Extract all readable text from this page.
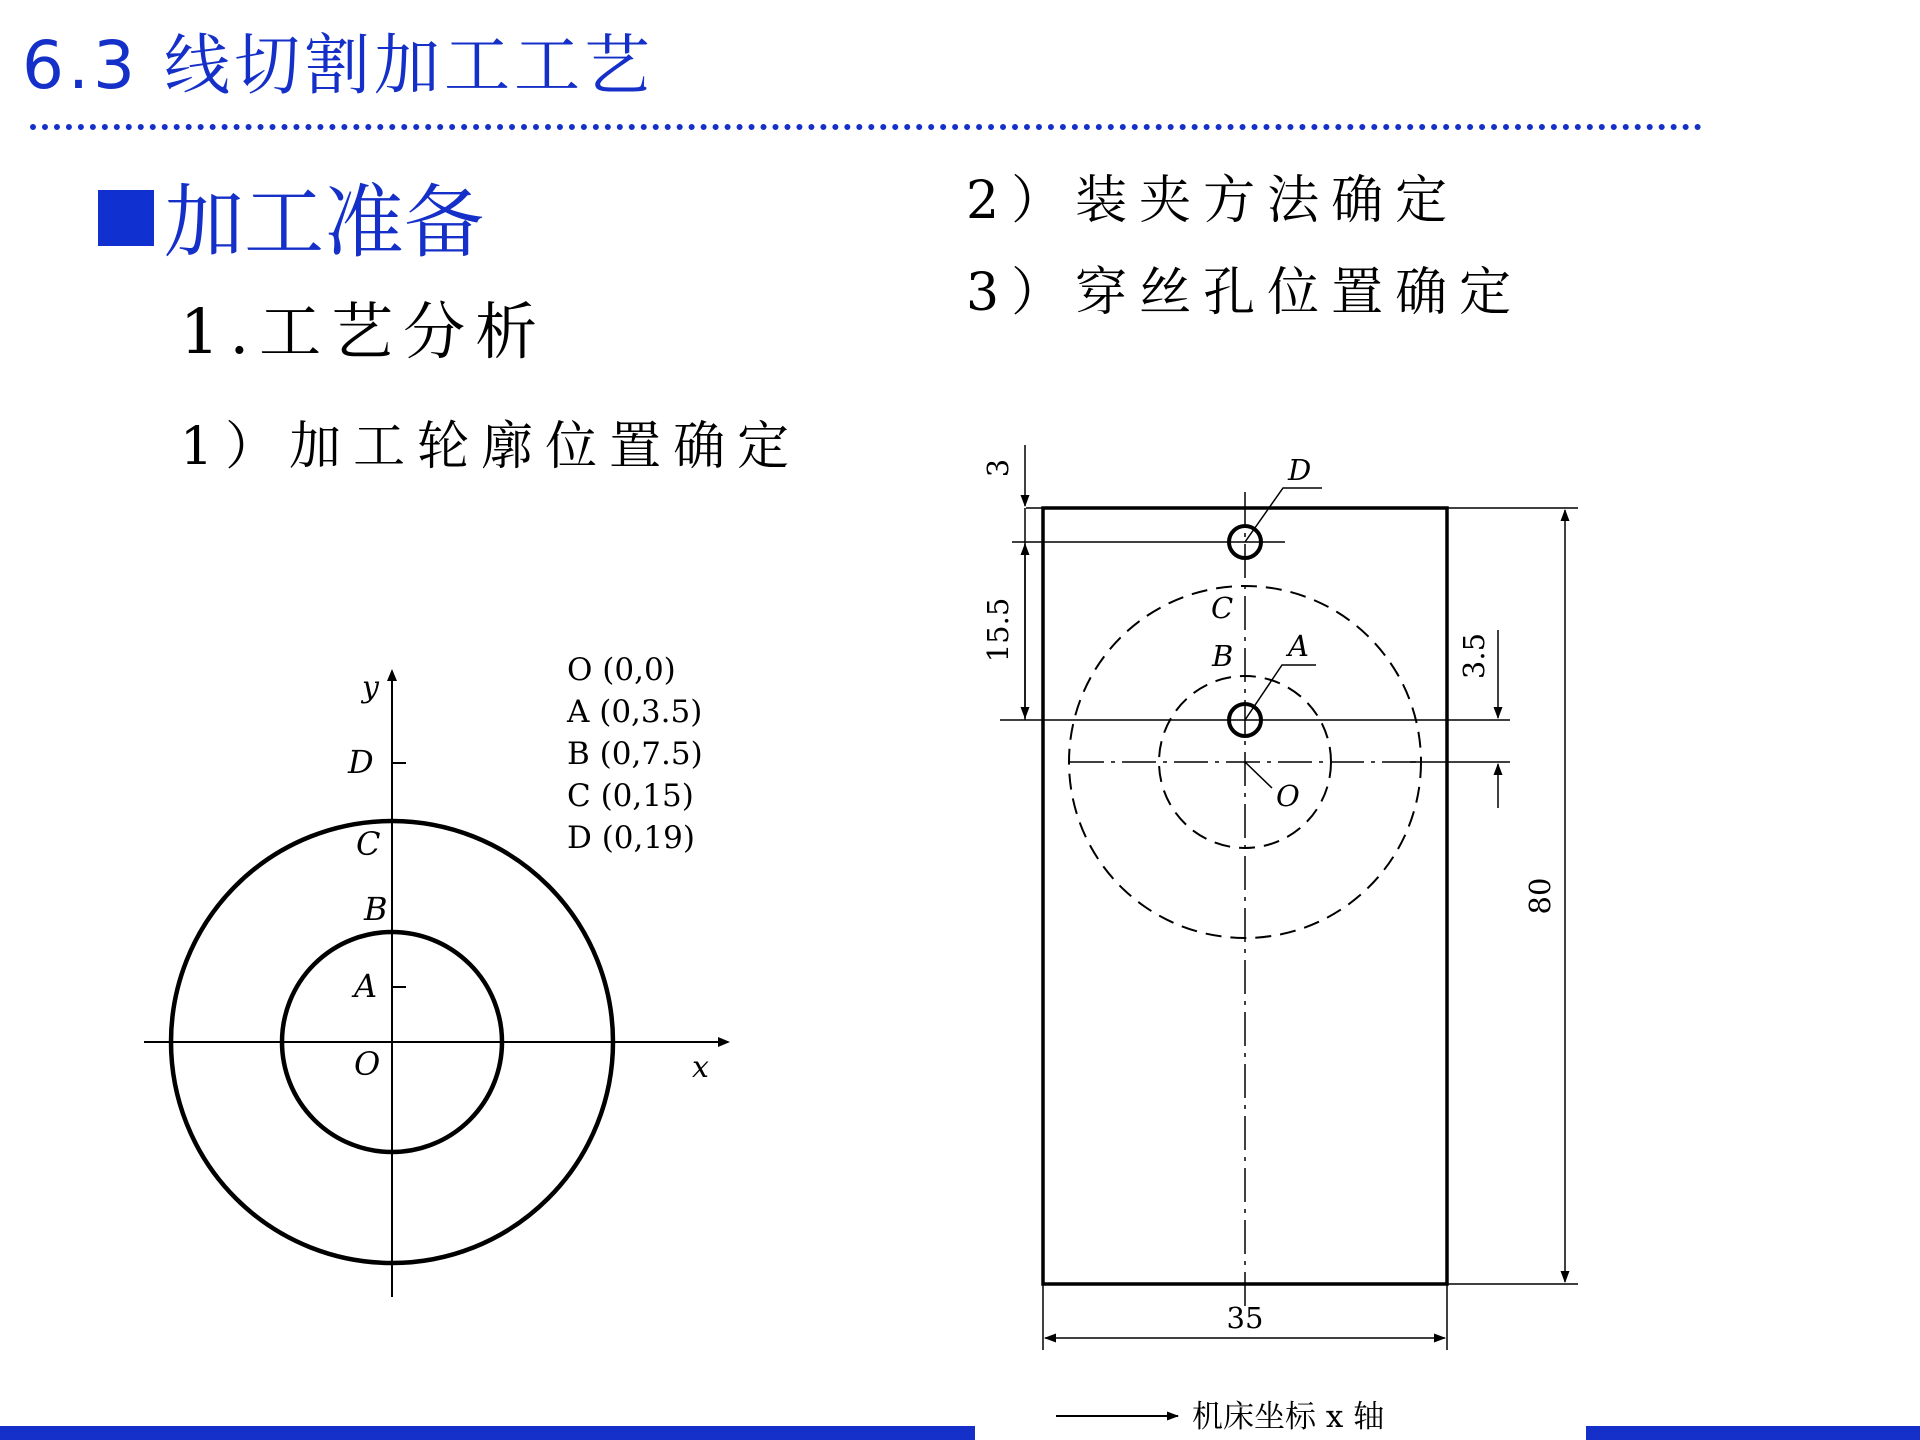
6.3 线切割加工工艺
加工准备
1.工艺分析
1）加工轮廓位置确定
2）装夹方法确定
3）穿丝孔位置确定
y
x
D
C
B
A
O
O (0,0)
A (0,3.5)
B (0,7.5)
C (0,15)
D (0,19)
D
C
B A
O
3
15.5	3.5
80
35
机床坐标 x 轴
